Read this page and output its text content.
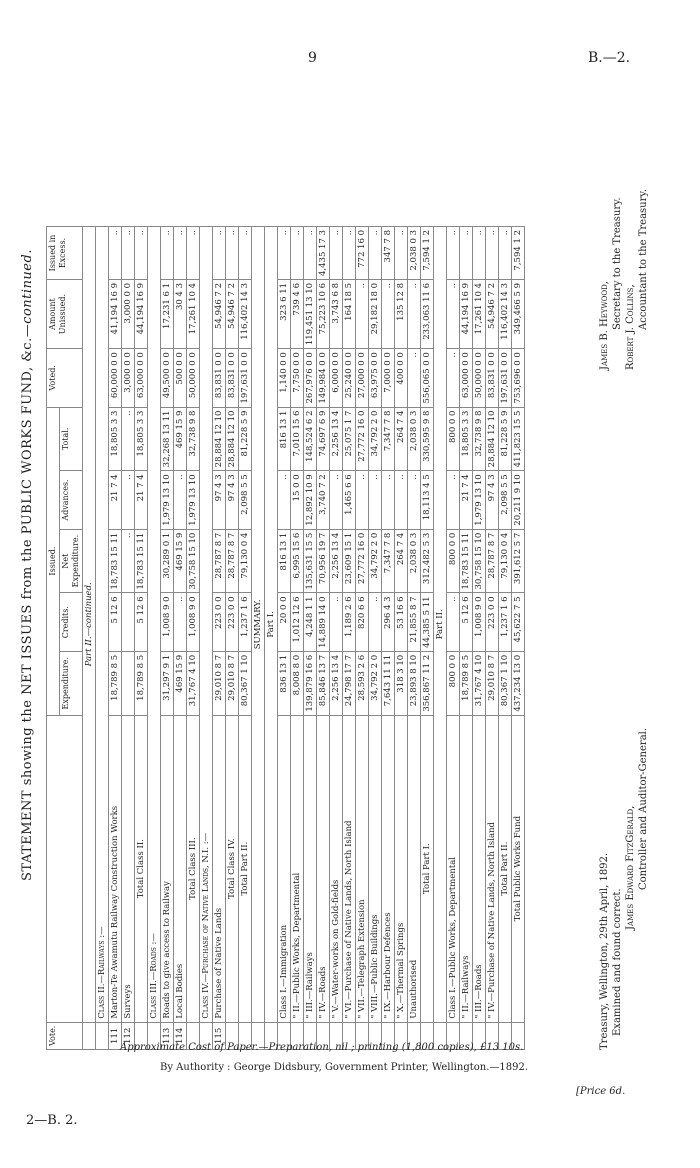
9	B.—2.
STATEMENT showing the NET ISSUES from the PUBLIC WORKS FUND, &c.—continued.
Vote.		Issued.					Voted.	Amount Unissued.	Issued in Excess.
		Expenditure.	Credits.	Net Expenditure.	Advances.	Total.			
	Part II.—continued.								
	Class II.—Railways :—								
111	Marton-Te Awamutu Railway Construction Works	18,789 8 5	5 12 6	18,783 15 11	21 7 4	18,805 3 3	60,000 0 0	41,194 16 9	..
112	Surveys			..	..	..	3,000 0 0	3,000 0 0	..
	Total Class II.	18,789 8 5	5 12 6	18,783 15 11	21 7 4	18,805 3 3	63,000 0 0	44,194 16 9	..
	Class III.—Roads :—								
113	Roads to give access to Railway	31,297 9 1	1,008 9 0	30,289 0 1	1,979 13 10	32,268 13 11	49,500 0 0	17,231 6 1	..
114	Local Bodies	469 15 9	..	469 15 9	..	469 15 9	500 0 0	30 4 3	..
	Total Class III.	31,767 4 10	1,008 9 0	30,758 15 10	1,979 13 10	32,738 9 8	50,000 0 0	17,261 10 4	..
	Class IV.—Purchase of Native Lands, N.I. :—								
115	Purchase of Native Lands	29,010 8 7	223 0 0	28,787 8 7	97 4 3	28,884 12 10	83,831 0 0	54,946 7 2	..
	Total Class IV.	29,010 8 7	223 0 0	28,787 8 7	97 4 3	28,884 12 10	83,831 0 0	54,946 7 2	..
	Total Part II.	80,367 1 10	1,237 1 6	79,130 0 4	2,098 5 5	81,228 5 9	197,631 0 0	116,402 14 3	..
	SUMMARY.								
	Part I.								
	Class I.—Immigration	836 13 1	20 0 0	816 13 1	..	816 13 1	1,140 0 0	323 6 11	..
	" II.—Public Works, Departmental	8,008 8 0	1,012 12 6	6,995 15 6	15 0 0	7,010 15 6	7,750 0 0	739 4 6	..
	" III.—Railways	139,879 16 6	4,248 1 1	135,631 15 5	12,892 10 9	148,524 6 2	267,976 0 0	119,451 13 10	..
	" IV.—Roads	85,846 13 7	14,889 14 0	70,956 19 7	3,740 7 2	74,697 6 9	149,984 0 0	75,223 10 6	4,435 17 3
	" V.—Water-works on Gold-fields	2,256 13 4	..	2,256 13 4	..	2,256 13 4	6,000 0 0	3,743 6 8	..
	" VI.—Purchase of Native Lands, North Island	24,798 17 7	1,189 2 6	23,609 15 1	1,465 6 6	25,075 1 7	25,240 0 0	164 18 5	..
	" VII.—Telegraph Extension	28,593 2 6	820 6 6	27,772 16 0	..	27,772 16 0	27,000 0 0	..	772 16 0
	" VIII.—Public Buildings	34,792 2 0	..	34,792 2 0	..	34,792 2 0	63,975 0 0	29,182 18 0	..
	" IX.—Harbour Defences	7,643 11 11	296 4 3	7,347 7 8	..	7,347 7 8	7,000 0 0	..	347 7 8
	" X.—Thermal Springs	318 3 10	53 16 6	264 7 4	..	264 7 4	400 0 0	135 12 8	..
	Unauthorised	23,893 8 10	21,855 8 7	2,038 0 3	..	2,038 0 3	..	..	2,038 0 3
	Total Part I.	356,867 11 2	44,385 5 11	312,482 5 3	18,113 4 5	330,595 9 8	556,065 0 0	233,063 11 6	7,594 1 2
	Part II.								
	Class I.—Public Works, Departmental	800 0 0	..	800 0 0	..	800 0 0	..	..	..
	" II.—Railways	18,789 8 5	5 12 6	18,783 15 11	21 7 4	18,805 3 3	63,000 0 0	44,194 16 9	..
	" III.—Roads	31,767 4 10	1,008 9 0	30,758 15 10	1,979 13 10	32,738 9 8	50,000 0 0	17,261 10 4	..
	" IV.—Purchase of Native Lands, North Island	29,010 8 7	223 0 0	28,787 8 7	97 4 3	28,884 12 10	83,831 0 0	54,946 7 2	..
	Total Part II.	80,367 1 10	1,237 1 6	79,130 0 4	2,098 5 5	81,228 5 9	197,631 0 0	116,402 14 3	..
	Total Public Works Fund	437,234 13 0	45,622 7 5	391,612 5 7	20,211 9 10	411,823 15 5	753,696 0 0	349,466 5 9	7,594 1 2
Treasury, Wellington, 29th April, 1892. Examined and found correct.
James Edward FitzGerald, Controller and Auditor-General.
James B. Heywood, Secretary to the Treasury. Robert J. Collins, Accountant to the Treasury.
Approximate Cost of Paper.—Preparation, nil ; printing (1,800 copies), £13 10s.
By Authority : George Didsbury, Government Printer, Wellington.—1892.
[Price 6d.
2—B. 2.
